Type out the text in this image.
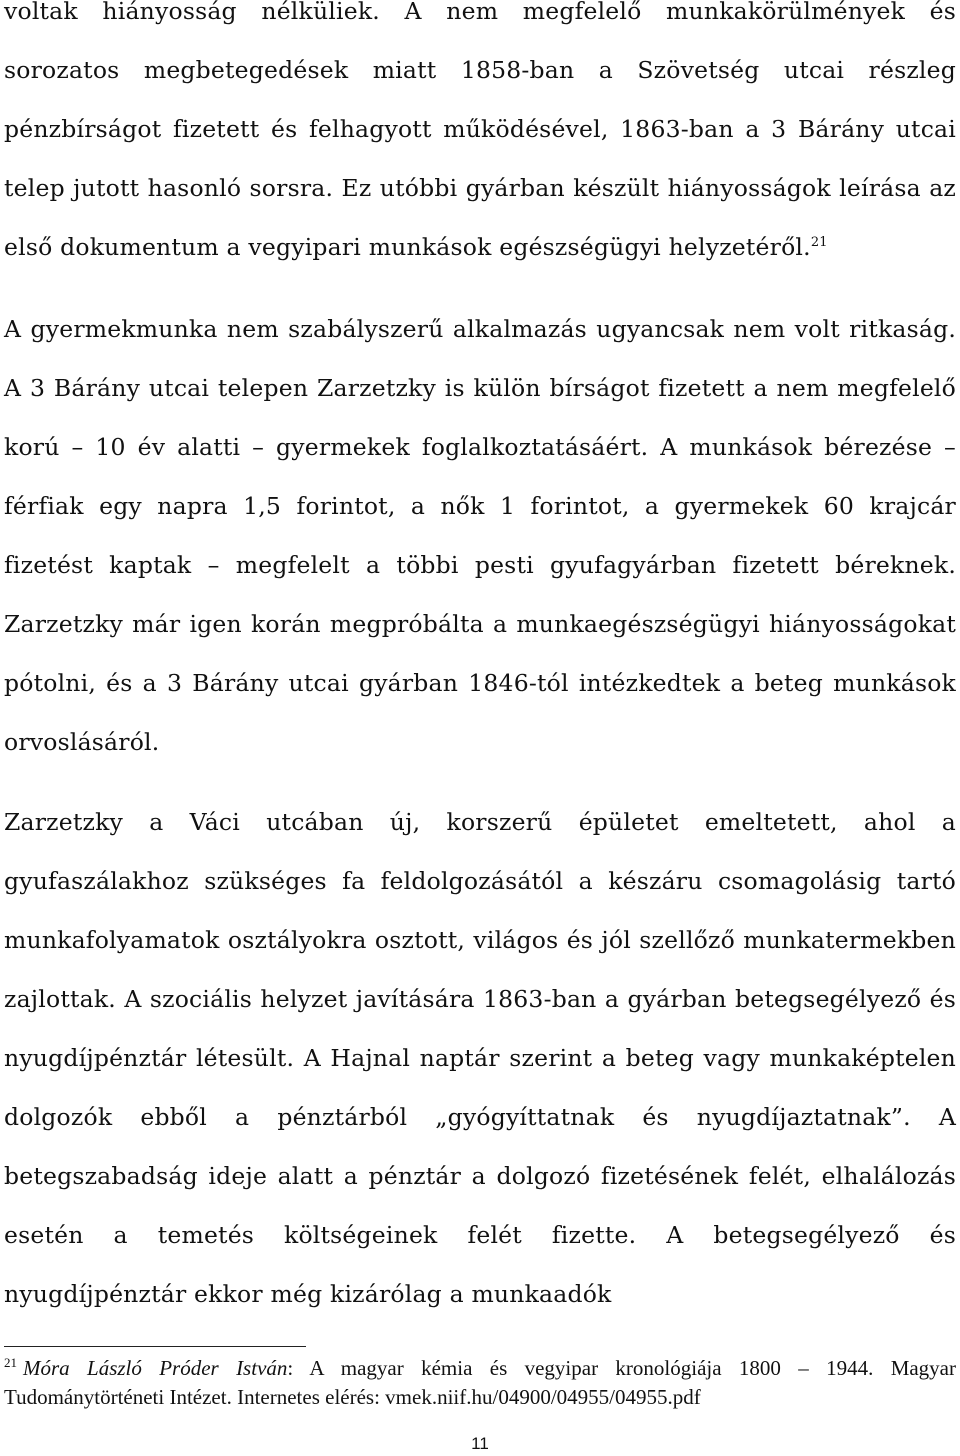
voltak hiányosság nélküliek. A nem megfelelő munkakörülmények és sorozatos megbetegedések miatt 1858-ban a Szövetség utcai részleg pénzbírságot fizetett és felhagyott működésével, 1863-ban a 3 Bárány utcai telep jutott hasonló sorsra. Ez utóbbi gyárban készült hiányosságok leírása az első dokumentum a vegyipari munkások egészségügyi helyzetéről.$^{21}$

A gyermekmunka nem szabályszerű alkalmazás ugyancsak nem volt ritkaság. A 3 Bárány utcai telepen Zarzetzky is külön bírságot fizetett a nem megfelelő korú – 10 év alatti – gyermekek foglalkoztatásáért. A munkások bérezése – férfiak egy napra 1,5 forintot, a nők 1 forintot, a gyermekek 60 krajcár fizetést kaptak – megfelelt a többi pesti gyufagyárban fizetett béreknek. Zarzetzky már igen korán megpróbálta a munkaegészségügyi hiányosságokat pótolni, és a 3 Bárány utcai gyárban 1846-tól intézkedtek a beteg munkások orvoslásáról.

Zarzetzky a Váci utcában új, korszerű épületet emeltetett, ahol a gyufaszálakhoz szükséges fa feldolgozásától a készáru csomagolásig tartó munkafolyamatok osztályokra osztott, világos és jól szellőző munkatermekben zajlottak. A szociális helyzet javítására 1863-ban a gyárban betegsegélyező és nyugdíjpénztár létesült. A Hajnal naptár szerint a beteg vagy munkaképtelen dolgozók ebből a pénztárból „gyógyíttatnak és nyugdíjaztatnak”. A betegszabadság ideje alatt a pénztár a dolgozó fizetésének felét, elhalálozás esetén a temetés költségeinek felét fizette. A betegsegélyező és nyugdíjpénztár ekkor még kizárólag a munkaadók

$^{21}$ Móra László Próder István: A magyar kémia és vegyipar kronológiája 1800 – 1944. Magyar Tudománytörténeti Intézet. Internetes elérés: vmek.niif.hu/04900/04955/04955.pdf

11
